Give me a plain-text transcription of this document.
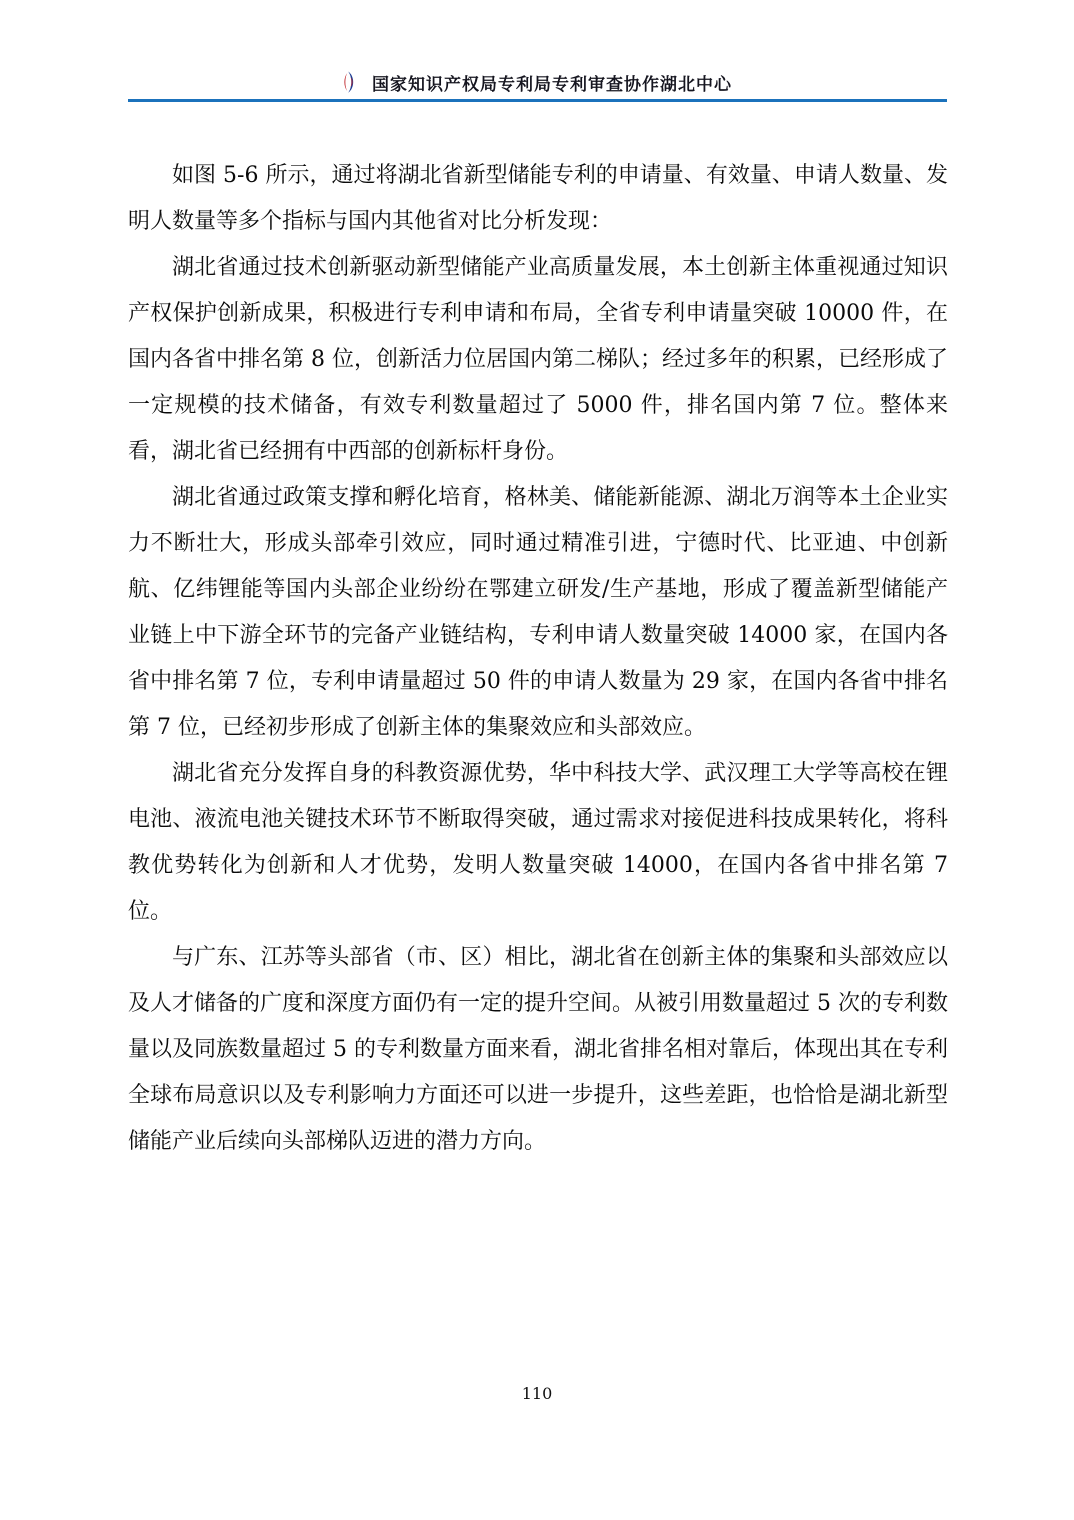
国家知识产权局专利局专利审查协作湖北中心

如图 5-6 所示，通过将湖北省新型储能专利的申请量、有效量、申请人数量、发明人数量等多个指标与国内其他省对比分析发现：

湖北省通过技术创新驱动新型储能产业高质量发展，本土创新主体重视通过知识产权保护创新成果，积极进行专利申请和布局，全省专利申请量突破 10000 件，在国内各省中排名第 8 位，创新活力位居国内第二梯队；经过多年的积累，已经形成了一定规模的技术储备，有效专利数量超过了 5000 件，排名国内第 7 位。整体来看，湖北省已经拥有中西部的创新标杆身份。

湖北省通过政策支撑和孵化培育，格林美、储能新能源、湖北万润等本土企业实力不断壮大，形成头部牵引效应，同时通过精准引进，宁德时代、比亚迪、中创新航、亿纬锂能等国内头部企业纷纷在鄂建立研发/生产基地，形成了覆盖新型储能产业链上中下游全环节的完备产业链结构，专利申请人数量突破 14000 家，在国内各省中排名第 7 位，专利申请量超过 50 件的申请人数量为 29 家，在国内各省中排名第 7 位，已经初步形成了创新主体的集聚效应和头部效应。

湖北省充分发挥自身的科教资源优势，华中科技大学、武汉理工大学等高校在锂电池、液流电池关键技术环节不断取得突破，通过需求对接促进科技成果转化，将科教优势转化为创新和人才优势，发明人数量突破 14000，在国内各省中排名第 7 位。

与广东、江苏等头部省（市、区）相比，湖北省在创新主体的集聚和头部效应以及人才储备的广度和深度方面仍有一定的提升空间。从被引用数量超过 5 次的专利数量以及同族数量超过 5 的专利数量方面来看，湖北省排名相对靠后，体现出其在专利全球布局意识以及专利影响力方面还可以进一步提升，这些差距，也恰恰是湖北新型储能产业后续向头部梯队迈进的潜力方向。

110
